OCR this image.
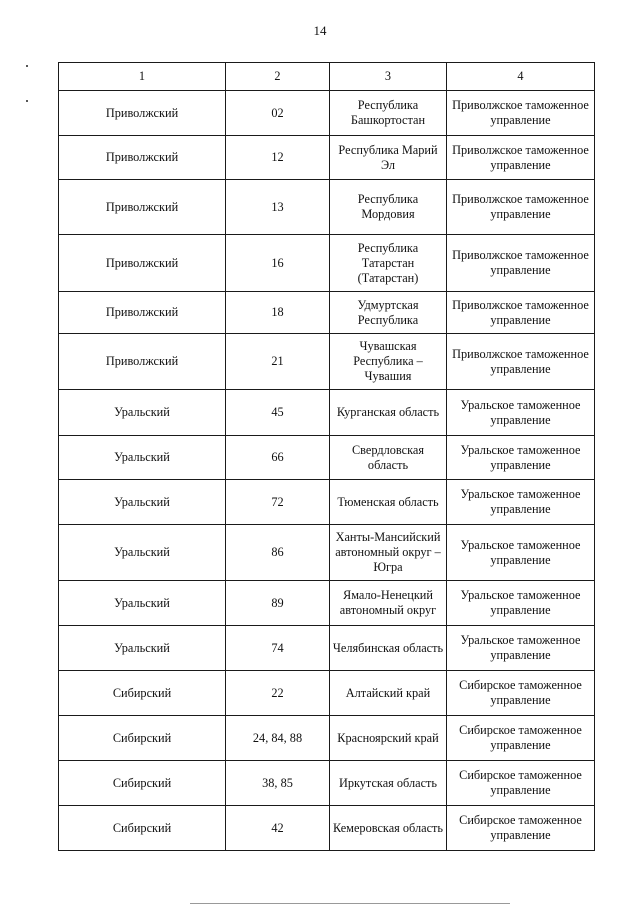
14
1	2	3	4
Приволжский	02	Республика Башкортостан	Приволжское таможенное управление
Приволжский	12	Республика Марий Эл	Приволжское таможенное управление
Приволжский	13	Республика Мордовия	Приволжское таможенное управление
Приволжский	16	Республика Татарстан (Татарстан)	Приволжское таможенное управление
Приволжский	18	Удмуртская Республика	Приволжское таможенное управление
Приволжский	21	Чувашская Республика – Чувашия	Приволжское таможенное управление
Уральский	45	Курганская область	Уральское таможенное управление
Уральский	66	Свердловская область	Уральское таможенное управление
Уральский	72	Тюменская область	Уральское таможенное управление
Уральский	86	Ханты-Мансийский автономный округ – Югра	Уральское таможенное управление
Уральский	89	Ямало-Ненецкий автономный округ	Уральское таможенное управление
Уральский	74	Челябинская область	Уральское таможенное управление
Сибирский	22	Алтайский край	Сибирское таможенное управление
Сибирский	24, 84, 88	Красноярский край	Сибирское таможенное управление
Сибирский	38, 85	Иркутская область	Сибирское таможенное управление
Сибирский	42	Кемеровская область	Сибирское таможенное управление
